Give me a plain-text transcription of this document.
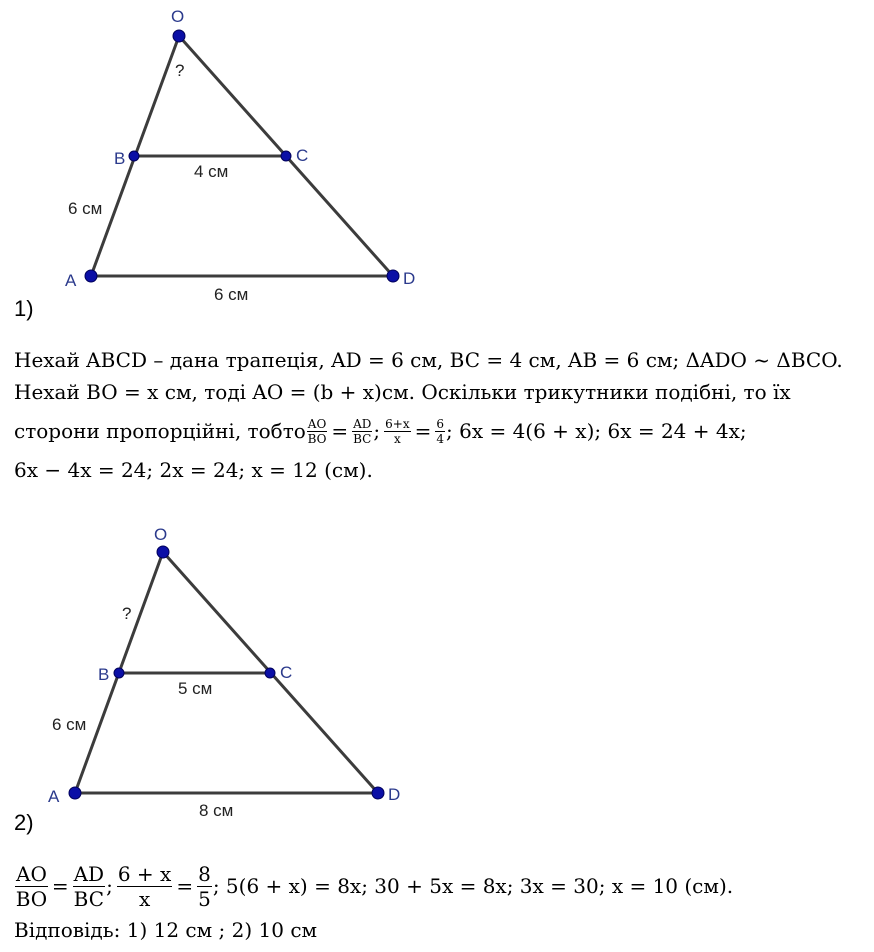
O
B	C
A	D
?
4 см
6 см
6 см
O
B	C
A	D
?
5 см
6 см
8 см
1)
Нехай ABCD – дана трапеція, AD = 6 см, BC = 4 см, AB = 6 см; ΔADO ~ ΔBCO.
Нехай BO = x см, тоді AO = (b + x)см. Оскільки трикутники подібні, то їх
сторони пропорційні, тобто $\frac{AO}{BO} = \frac{AD}{BC}$ ; $\frac{6+x}{x} = \frac{6}{4}$ ; 6x = 4(6 + x); 6x = 24 + 4x;
6x − 4x = 24; 2x = 24; x = 12 (см).
2)
$\frac{AO}{BO} = \frac{AD}{BC}$ ; $\frac{6 + x}{x} = \frac{8}{5}$ ; 5(6 + x) = 8x; 30 + 5x = 8x; 3x = 30; x = 10 (см).
Відповідь: 1) 12 см ; 2) 10 см
